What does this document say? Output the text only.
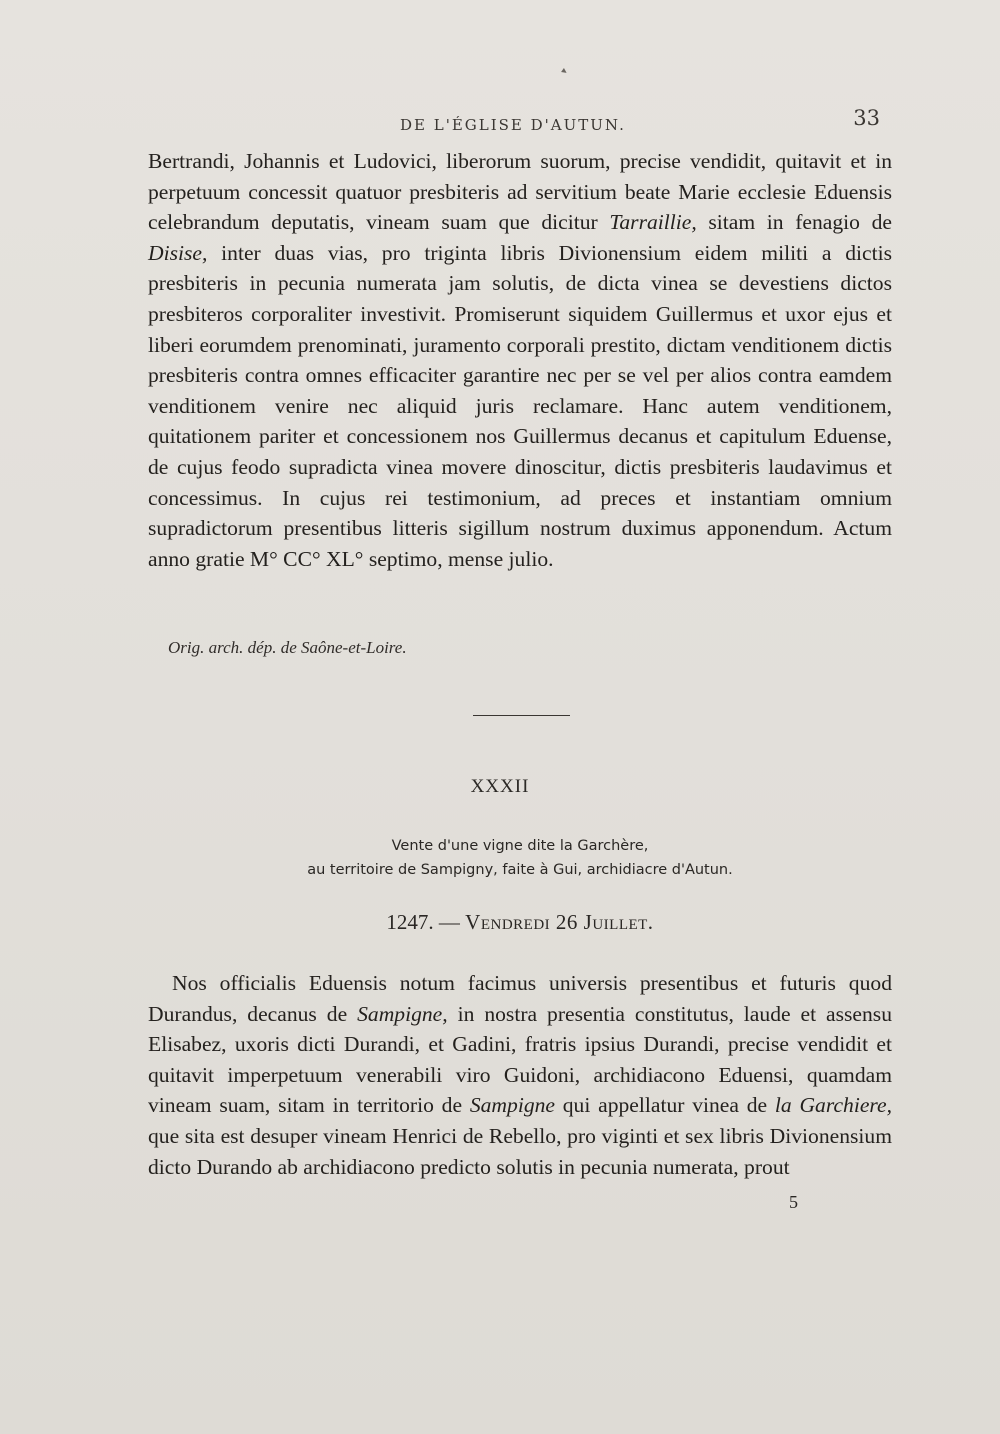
▸
DE L'ÉGLISE D'AUTUN.	33

Bertrandi, Johannis et Ludovici, liberorum suorum, precise vendidit, quitavit et in perpetuum concessit quatuor presbiteris ad servitium beate Marie ecclesie Eduensis celebrandum deputatis, vineam suam que dicitur Tarraillie, sitam in fenagio de Disise, inter duas vias, pro triginta libris Divionensium eidem militi a dictis presbiteris in pecunia numerata jam solutis, de dicta vinea se devestiens dictos presbiteros corporaliter investivit. Promiserunt siquidem Guillermus et uxor ejus et liberi eorumdem prenominati, juramento corporali prestito, dictam venditionem dictis presbiteris contra omnes efficaciter garantire nec per se vel per alios contra eamdem venditionem venire nec aliquid juris reclamare. Hanc autem venditionem, quitationem pariter et concessionem nos Guillermus decanus et capitulum Eduense, de cujus feodo supradicta vinea movere dinoscitur, dictis presbiteris laudavimus et concessimus. In cujus rei testimonium, ad preces et instantiam omnium supradictorum presentibus litteris sigillum nostrum duximus apponendum. Actum anno gratie M° CC° XL° septimo, mense julio.

Orig. arch. dép. de Saône-et-Loire.
XXXII
Vente d'une vigne dite la Garchère,
au territoire de Sampigny, faite à Gui, archidiacre d'Autun.
1247. — Vendredi 26 Juillet.

Nos officialis Eduensis notum facimus universis presentibus et futuris quod Durandus, decanus de Sampigne, in nostra presentia constitutus, laude et assensu Elisabez, uxoris dicti Durandi, et Gadini, fratris ipsius Durandi, precise vendidit et quitavit imperpetuum venerabili viro Guidoni, archidiacono Eduensi, quamdam vineam suam, sitam in territorio de Sampigne qui appellatur vinea de la Garchiere, que sita est desuper vineam Henrici de Rebello, pro viginti et sex libris Divionensium dicto Durando ab archidiacono predicto solutis in pecunia numerata, prout

5
